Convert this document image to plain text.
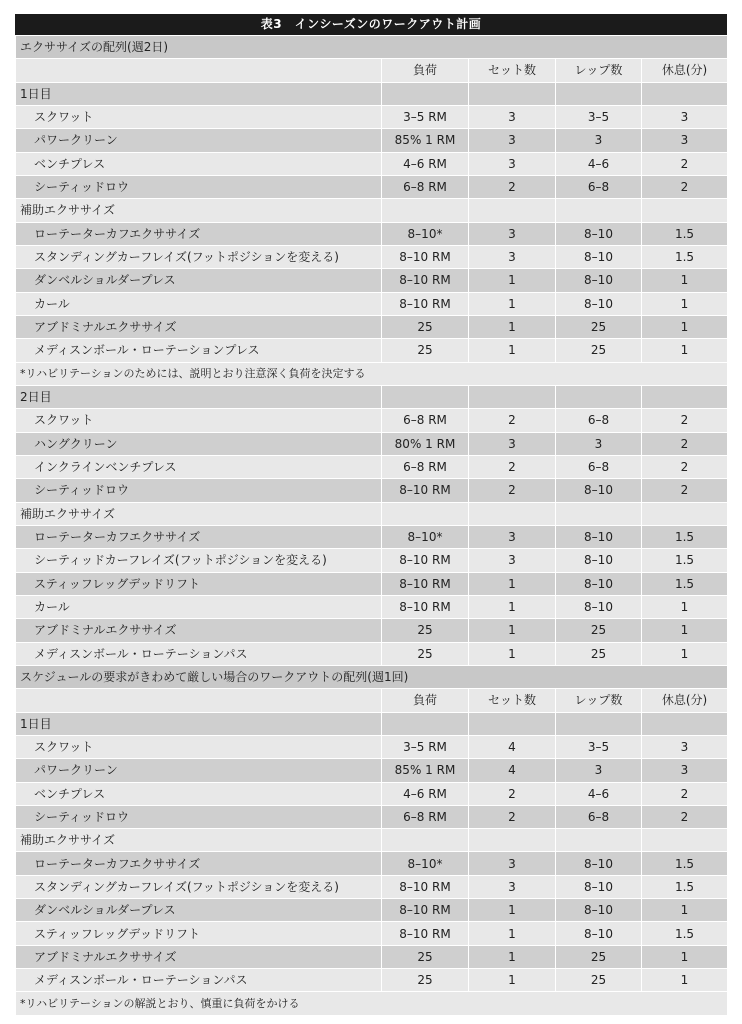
表3　インシーズンのワークアウト計画
エクササイズの配列(週2日)				
	負荷	セット数	レップ数	休息(分)
1日目				
スクワット	3–5 RM	3	3–5	3
パワークリーン	85% 1 RM	3	3	3
ベンチプレス	4–6 RM	3	4–6	2
シーティッドロウ	6–8 RM	2	6–8	2
補助エクササイズ				
ローテーターカフエクササイズ	8–10*	3	8–10	1.5
スタンディングカーフレイズ(フットポジションを変える)	8–10 RM	3	8–10	1.5
ダンベルショルダープレス	8–10 RM	1	8–10	1
カール	8–10 RM	1	8–10	1
アブドミナルエクササイズ	25	1	25	1
メディスンボール・ローテーションプレス	25	1	25	1
*リハビリテーションのためには、説明とおり注意深く負荷を決定する				
2日目				
スクワット	6–8 RM	2	6–8	2
ハングクリーン	80% 1 RM	3	3	2
インクラインベンチプレス	6–8 RM	2	6–8	2
シーティッドロウ	8–10 RM	2	8–10	2
補助エクササイズ				
ローテーターカフエクササイズ	8–10*	3	8–10	1.5
シーティッドカーフレイズ(フットポジションを変える)	8–10 RM	3	8–10	1.5
スティッフレッグデッドリフト	8–10 RM	1	8–10	1.5
カール	8–10 RM	1	8–10	1
アブドミナルエクササイズ	25	1	25	1
メディスンボール・ローテーションパス	25	1	25	1
スケジュールの要求がきわめて厳しい場合のワークアウトの配列(週1回)				
	負荷	セット数	レップ数	休息(分)
1日目				
スクワット	3–5 RM	4	3–5	3
パワークリーン	85% 1 RM	4	3	3
ベンチプレス	4–6 RM	2	4–6	2
シーティッドロウ	6–8 RM	2	6–8	2
補助エクササイズ				
ローテーターカフエクササイズ	8–10*	3	8–10	1.5
スタンディングカーフレイズ(フットポジションを変える)	8–10 RM	3	8–10	1.5
ダンベルショルダープレス	8–10 RM	1	8–10	1
スティッフレッグデッドリフト	8–10 RM	1	8–10	1.5
アブドミナルエクササイズ	25	1	25	1
メディスンボール・ローテーションパス	25	1	25	1
*リハビリテーションの解説とおり、慎重に負荷をかける				
